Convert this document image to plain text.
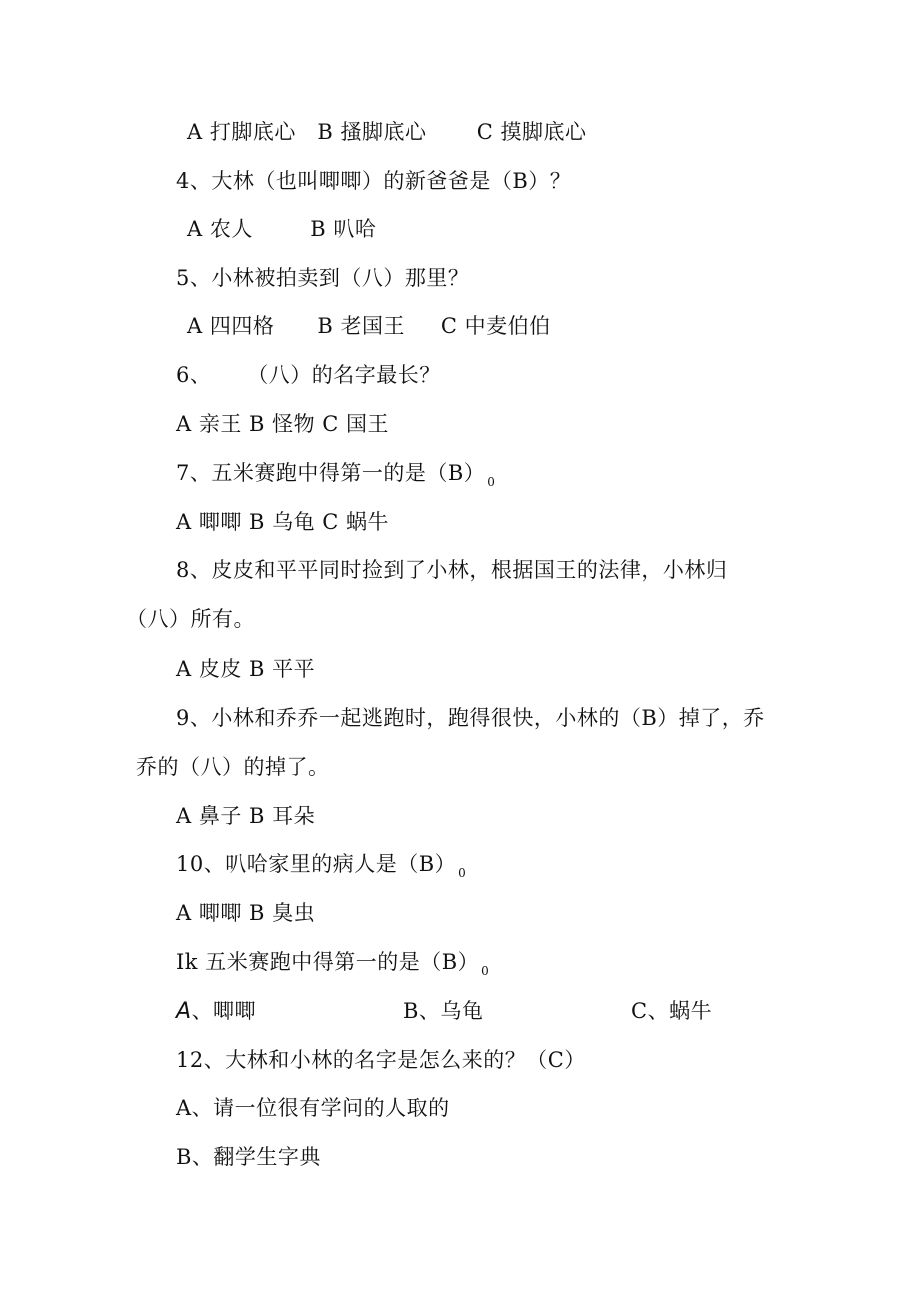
A 打脚底心   B 搔脚底心       C 摸脚底心
4、大林（也叫唧唧）的新爸爸是（B）？
A 农人        B 叭哈
5、小林被拍卖到（八）那里？
A 四四格      B 老国王     C 中麦伯伯
6、     （八）的名字最长？
A 亲王 B 怪物 C 国王
7、五米赛跑中得第一的是（B） $_0$
A 唧唧 B 乌龟 C 蜗牛
8、皮皮和平平同时捡到了小林，根据国王的法律，小林归
（八）所有。
A 皮皮 B 平平
9、小林和乔乔一起逃跑时，跑得很快，小林的（B）掉了，乔
乔的（八）的掉了。
A 鼻子 B 耳朵
10、叭哈家里的病人是（B） $_0$
A 唧唧 B 臭虫
Ik 五米赛跑中得第一的是（B） $_0$
A、唧唧	B、乌龟	C、蜗牛
12、大林和小林的名字是怎么来的？（C）
A、请一位很有学问的人取的
B、翻学生字典
